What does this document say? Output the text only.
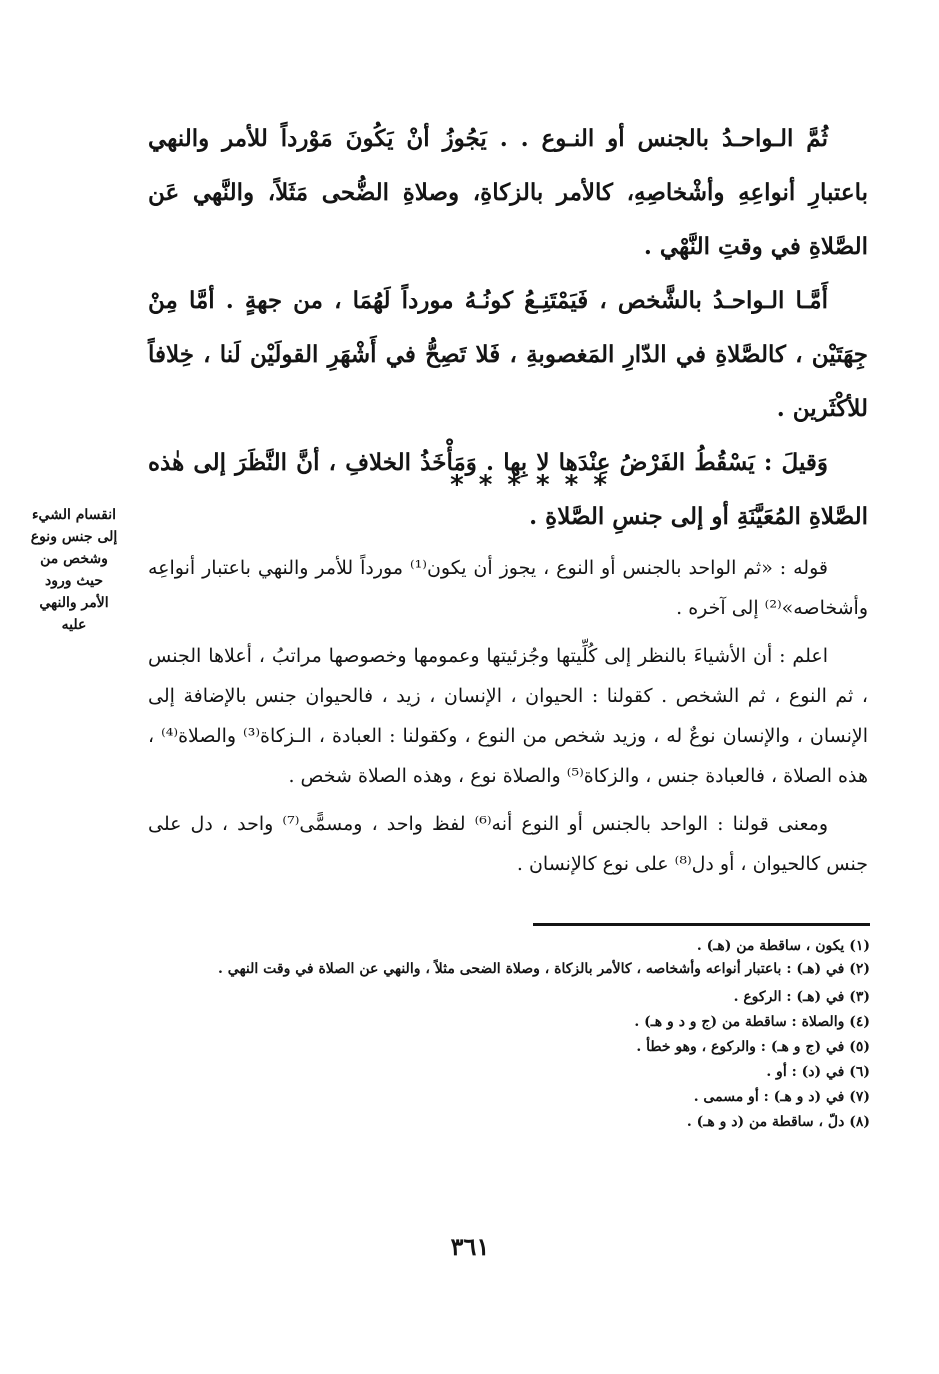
ثُمَّ الـواحـدُ بالجنس أو النـوع . . يَجُوزُ أنْ يَكُونَ مَوْرداً للأمر والنهي باعتبارِ أنواعِهِ وأشْخاصِهِ، كالأمر بالزكاةِ، وصلاةِ الضُّحى مَثَلاً، والنَّهي عَن الصَّلاةِ في وقتِ النَّهْي .

أَمَّـا الـواحـدُ بالشَّخص ، فَيَمْتَنِـعُ كونُـهُ مورداً لَهُمَا ، من جهةٍ . أمَّا مِنْ جِهَتَيْن ، كالصَّلاةِ في الدّارِ المَغصوبةِ ، فَلا تَصِحُّ في أَشْهَرِ القولَيْن لَنا ، خِلافاً للأكْثَرين .

وَقيلَ : يَسْقُطُ الفَرْضُ عِنْدَها لا بِها . وَمَأْخَذُ الخلافِ ، أنَّ النَّظَرَ إلى هٰذه الصَّلاةِ المُعَيَّنَةِ أو إلى جنسِ الصَّلاةِ .

* * * * * *
انقسام الشيء
إلى جنس ونوع
وشخص من
حيث ورود
الأمر والنهي
عليه

قوله : «ثم الواحد بالجنس أو النوع ، يجوز أن يكون⁽¹⁾ مورداً للأمر والنهي باعتبار أنواعِه وأشخاصه»⁽²⁾ إلى آخره .

اعلم : أن الأشياءَ بالنظر إلى كُلِّيتها وجُزئيتها وعمومها وخصوصها مراتبُ ، أعلاها الجنس ، ثم النوع ، ثم الشخص . كقولنا : الحيوان ، الإنسان ، زيد ، فالحيوان جنس بالإضافة إلى الإنسان ، والإنسان نوعٌ له ، وزيد شخص من النوع ، وكقولنا : العبادة ، الـزكاة⁽³⁾ والصلاة⁽⁴⁾ ، هذه الصلاة ، فالعبادة جنس ، والزكاة⁽⁵⁾ والصلاة نوع ، وهذه الصلاة شخص .

ومعنى قولنا : الواحد بالجنس أو النوع أنه⁽⁶⁾ لفظ واحد ، ومسمًّى⁽⁷⁾ واحد ، دل على جنس كالحيوان ، أو دل⁽⁸⁾ على نوع كالإنسان .

(١) يكون ، ساقطة من (هـ) .

(٢) في (هـ) : باعتبار أنواعه وأشخاصه ، كالأمر بالزكاة ، وصلاة الضحى مثلاً ، والنهي عن الصلاة في وقت النهي .

(٣) في (هـ) : الركوع .

(٤) والصلاة : ساقطة من (ج و د و هـ) .

(٥) في (ج و هـ) : والركوع ، وهو خطأ .

(٦) في (د) : أو .

(٧) في (د و هـ) : أو مسمى .

(٨) دلّ ، ساقطة من (د و هـ) .

٣٦١
